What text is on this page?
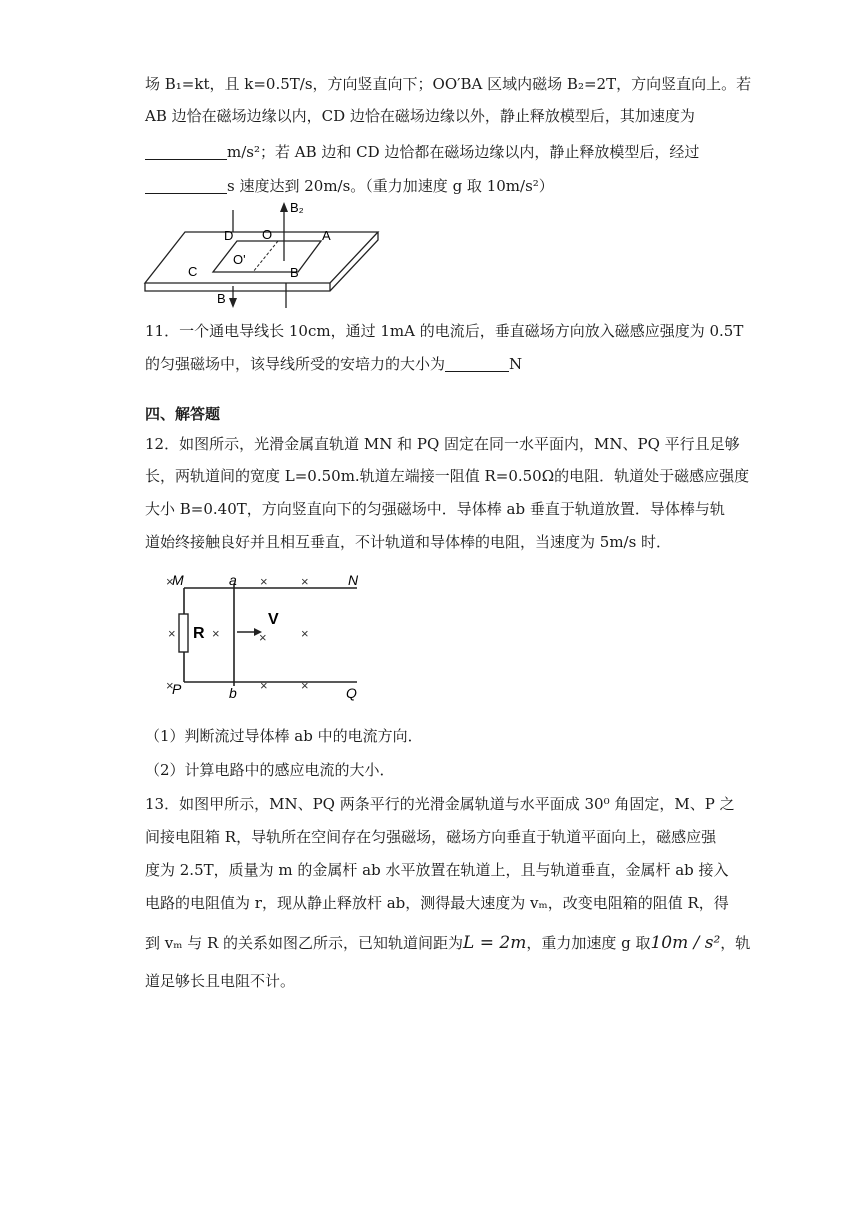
场 B₁=kt，且 k=0.5T/s，方向竖直向下；OO′BA 区域内磁场 B₂=2T，方向竖直向上。若
AB 边恰在磁场边缘以内，CD 边恰在磁场边缘以外，静止释放模型后，其加速度为
m/s²；若 AB 边和 CD 边恰都在磁场边缘以内，静止释放模型后，经过
s 速度达到 20m/s。（重力加速度 g 取 10m/s²）
B₂
D O	A
O'
C	B
B
11．一个通电导线长 10cm，通过 1mA 的电流后，垂直磁场方向放入磁感应强度为 0.5T
的匀强磁场中，该导线所受的安培力的大小为	N
四、解答题
12．如图所示，光滑金属直轨道 MN 和 PQ 固定在同一水平面内，MN、PQ 平行且足够
长，两轨道间的宽度 L=0.50m.轨道左端接一阻值 R=0.50Ω的电阻．轨道处于磁感应强度
大小 B=0.40T，方向竖直向下的匀强磁场中．导体棒 ab 垂直于轨道放置．导体棒与轨
道始终接触良好并且相互垂直，不计轨道和导体棒的电阻，当速度为 5m/s 时．
M	a	N
R
V
P	b	Q
×	×	×
×	×	×	×
×	×	×
（1）判断流过导体棒 ab 中的电流方向．
（2）计算电路中的感应电流的大小．
13．如图甲所示，MN、PQ 两条平行的光滑金属轨道与水平面成 30⁰ 角固定，M、P 之
间接电阻箱 R，导轨所在空间存在匀强磁场，磁场方向垂直于轨道平面向上，磁感应强
度为 2.5T，质量为 m 的金属杆 ab 水平放置在轨道上，且与轨道垂直，金属杆 ab 接入
电路的电阻值为 r，现从静止释放杆 ab，测得最大速度为 vₘ，改变电阻箱的阻值 R，得
到 vₘ 与 R 的关系如图乙所示，已知轨道间距为L = 2m，重力加速度 g 取10m / s²，轨
道足够长且电阻不计。
